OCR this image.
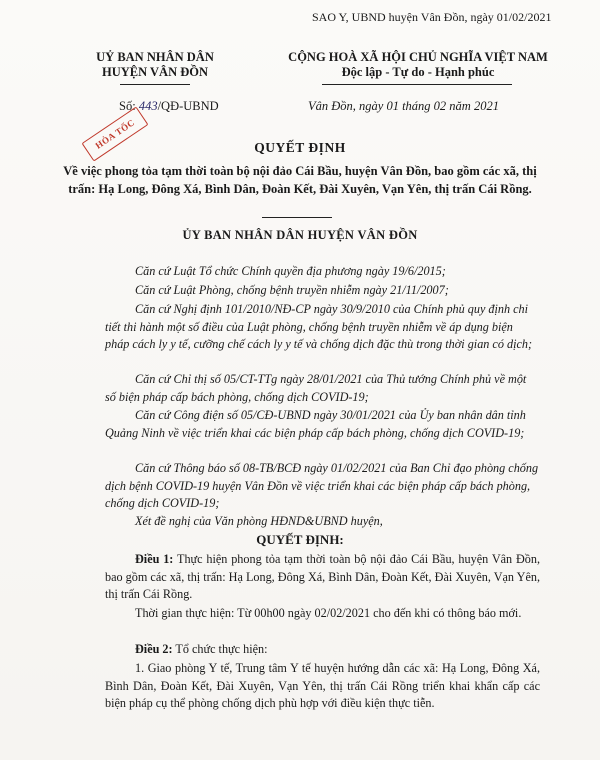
SAO Y, UBND huyện Vân Đồn, ngày 01/02/2021
UỶ BAN NHÂN DÂN
HUYỆN VÂN ĐỒN
CỘNG HOÀ XÃ HỘI CHỦ NGHĨA VIỆT NAM
Độc lập - Tự do - Hạnh phúc
Số: 443/QĐ-UBND	Vân Đồn, ngày 01 tháng 02 năm 2021
HỎA TỐC	QUYẾT ĐỊNH
Về việc phong tỏa tạm thời toàn bộ nội đảo Cái Bầu, huyện Vân Đồn, bao gồm các xã, thị trấn: Hạ Long, Đông Xá, Bình Dân, Đoàn Kết, Đài Xuyên, Vạn Yên, thị trấn Cái Rồng.
ỦY BAN NHÂN DÂN HUYỆN VÂN ĐỒN
Căn cứ Luật Tổ chức Chính quyền địa phương ngày 19/6/2015;
Căn cứ Luật Phòng, chống bệnh truyền nhiễm ngày 21/11/2007;
Căn cứ Nghị định 101/2010/NĐ-CP ngày 30/9/2010 của Chính phủ quy định chi tiết thi hành một số điều của Luật phòng, chống bệnh truyền nhiễm về áp dụng biện pháp cách ly y tế, cưỡng chế cách ly y tế và chống dịch đặc thù trong thời gian có dịch;
Căn cứ Chỉ thị số 05/CT-TTg ngày 28/01/2021 của Thủ tướng Chính phủ về một số biện pháp cấp bách phòng, chống dịch COVID-19;
Căn cứ Công điện số 05/CĐ-UBND ngày 30/01/2021 của Ủy ban nhân dân tỉnh Quảng Ninh về việc triển khai các biện pháp cấp bách phòng, chống dịch COVID-19;
Căn cứ Thông báo số 08-TB/BCĐ ngày 01/02/2021 của Ban Chỉ đạo phòng chống dịch bệnh COVID-19 huyện Vân Đồn về việc triển khai các biện pháp cấp bách phòng, chống dịch COVID-19;
Xét đề nghị của Văn phòng HĐND&UBND huyện,
QUYẾT ĐỊNH:
Điều 1: Thực hiện phong tỏa tạm thời toàn bộ nội đảo Cái Bầu, huyện Vân Đồn, bao gồm các xã, thị trấn: Hạ Long, Đông Xá, Bình Dân, Đoàn Kết, Đài Xuyên, Vạn Yên, thị trấn Cái Rồng.
Thời gian thực hiện: Từ 00h00 ngày 02/02/2021 cho đến khi có thông báo mới.
Điều 2: Tổ chức thực hiện:
1. Giao phòng Y tế, Trung tâm Y tế huyện hướng dẫn các xã: Hạ Long, Đông Xá, Bình Dân, Đoàn Kết, Đài Xuyên, Vạn Yên, thị trấn Cái Rồng triển khai khẩn cấp các biện pháp cụ thể phòng chống dịch phù hợp với điều kiện thực tiễn.
